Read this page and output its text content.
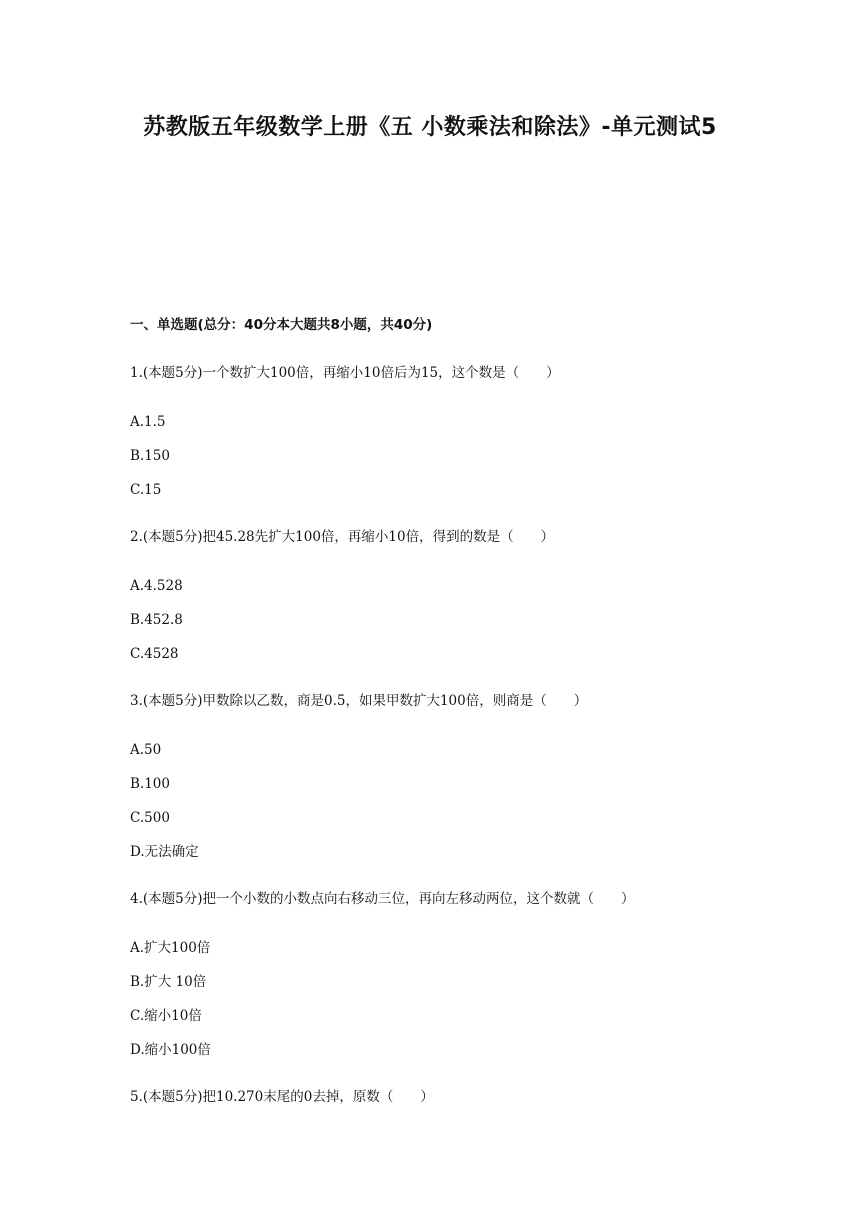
苏教版五年级数学上册《五 小数乘法和除法》-单元测试5
一、单选题(总分：40分本大题共8小题，共40分)
1.(本题5分)一个数扩大100倍，再缩小10倍后为15，这个数是（　　）
A.1.5
B.150
C.15
2.(本题5分)把45.28先扩大100倍，再缩小10倍，得到的数是（　　）
A.4.528
B.452.8
C.4528
3.(本题5分)甲数除以乙数，商是0.5，如果甲数扩大100倍，则商是（　　）
A.50
B.100
C.500
D.无法确定
4.(本题5分)把一个小数的小数点向右移动三位，再向左移动两位，这个数就（　　）
A.扩大100倍
B.扩大 10倍
C.缩小10倍
D.缩小100倍
5.(本题5分)把10.270末尾的0去掉，原数（　　）
